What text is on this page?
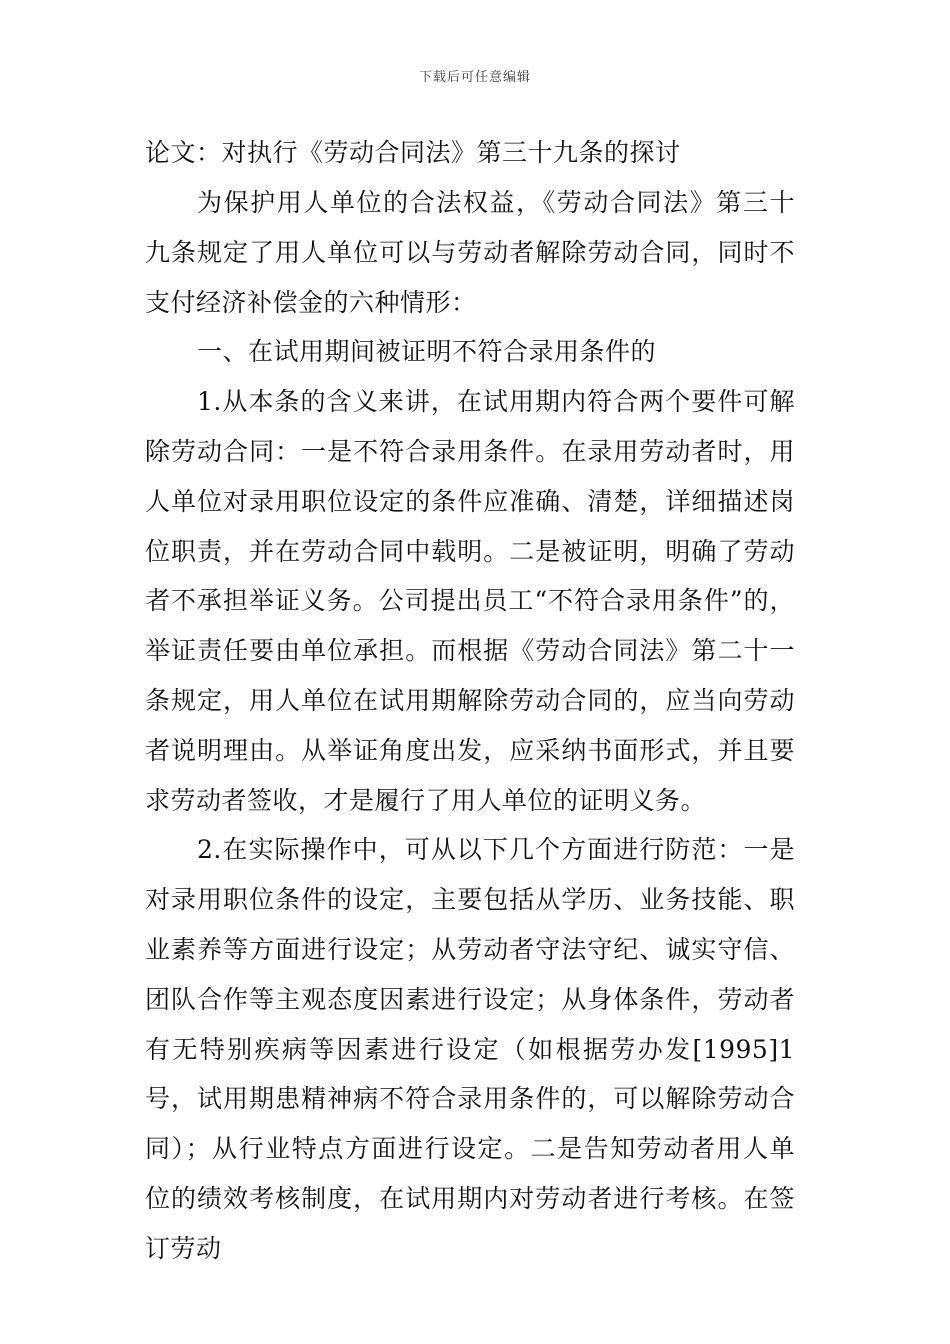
下载后可任意编辑
论文：对执行《劳动合同法》第三十九条的探讨

为保护用人单位的合法权益，《劳动合同法》第三十九条规定了用人单位可以与劳动者解除劳动合同，同时不支付经济补偿金的六种情形：

一、在试用期间被证明不符合录用条件的

1.从本条的含义来讲，在试用期内符合两个要件可解除劳动合同：一是不符合录用条件。在录用劳动者时，用人单位对录用职位设定的条件应准确、清楚，详细描述岗位职责，并在劳动合同中载明。二是被证明，明确了劳动者不承担举证义务。公司提出员工“不符合录用条件”的，举证责任要由单位承担。而根据《劳动合同法》第二十一条规定，用人单位在试用期解除劳动合同的，应当向劳动者说明理由。从举证角度出发，应采纳书面形式，并且要求劳动者签收，才是履行了用人单位的证明义务。

2.在实际操作中，可从以下几个方面进行防范：一是对录用职位条件的设定，主要包括从学历、业务技能、职业素养等方面进行设定；从劳动者守法守纪、诚实守信、团队合作等主观态度因素进行设定；从身体条件，劳动者有无特别疾病等因素进行设定（如根据劳办发[1995]1号，试用期患精神病不符合录用条件的，可以解除劳动合同）；从行业特点方面进行设定。二是告知劳动者用人单位的绩效考核制度，在试用期内对劳动者进行考核。在签订劳动
